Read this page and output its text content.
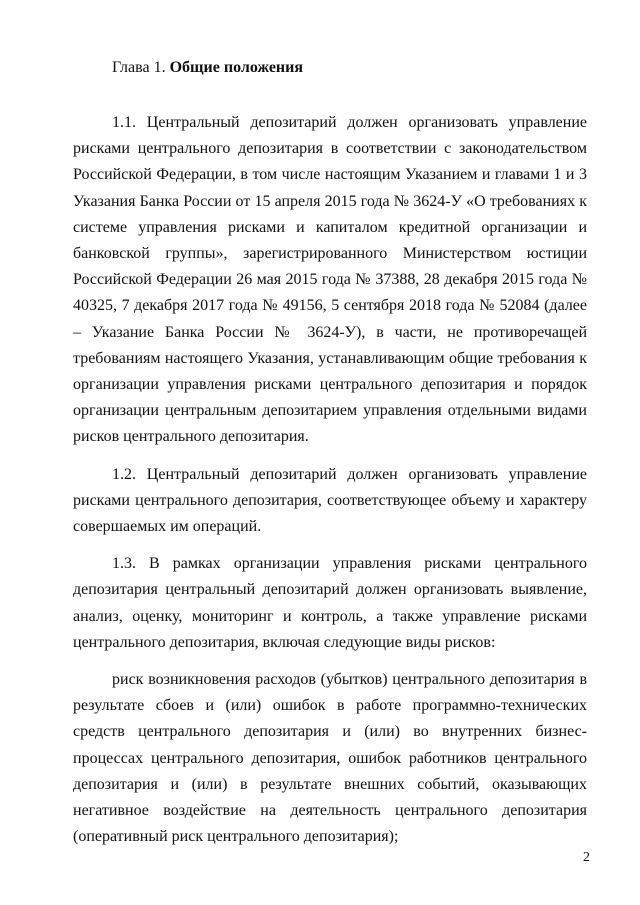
Глава 1. Общие положения

1.1. Центральный депозитарий должен организовать управление рисками центрального депозитария в соответствии с законодательством Российской Федерации, в том числе настоящим Указанием и главами 1 и 3 Указания Банка России от 15 апреля 2015 года № 3624-У «О требованиях к системе управления рисками и капиталом кредитной организации и банковской группы», зарегистрированного Министерством юстиции Российской Федерации 26 мая 2015 года № 37388, 28 декабря 2015 года № 40325, 7 декабря 2017 года № 49156, 5 сентября 2018 года № 52084 (далее – Указание Банка России № 3624-У), в части, не противоречащей требованиям настоящего Указания, устанавливающим общие требования к организации управления рисками центрального депозитария и порядок организации центральным депозитарием управления отдельными видами рисков центрального депозитария.

1.2. Центральный депозитарий должен организовать управление рисками центрального депозитария, соответствующее объему и характеру совершаемых им операций.

1.3. В рамках организации управления рисками центрального депозитария центральный депозитарий должен организовать выявление, анализ, оценку, мониторинг и контроль, а также управление рисками центрального депозитария, включая следующие виды рисков:

риск возникновения расходов (убытков) центрального депозитария в результате сбоев и (или) ошибок в работе программно-технических средств центрального депозитария и (или) во внутренних бизнес-процессах центрального депозитария, ошибок работников центрального депозитария и (или) в результате внешних событий, оказывающих негативное воздействие на деятельность центрального депозитария (оперативный риск центрального депозитария);

2
